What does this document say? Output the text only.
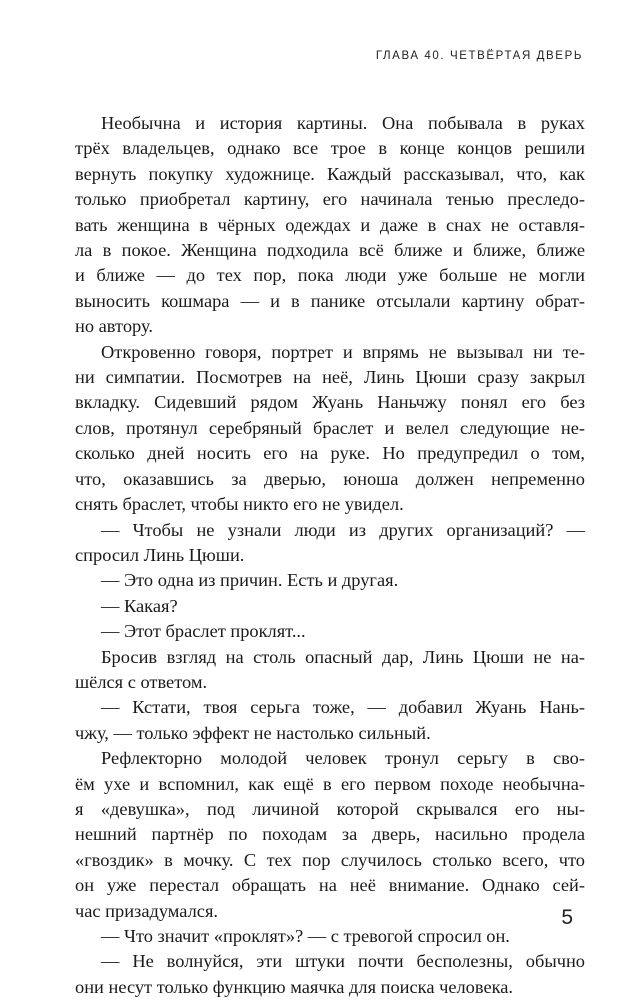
ГЛАВА 40. ЧЕТВЁРТАЯ ДВЕРЬ
Необычна и история картины. Она побывала в руках
трёх владельцев, однако все трое в конце концов решили
вернуть покупку художнице. Каждый рассказывал, что, как
только приобретал картину, его начинала тенью преследо-
вать женщина в чёрных одеждах и даже в снах не оставля-
ла в покое. Женщина подходила всё ближе и ближе, ближе
и ближе — до тех пор, пока люди уже больше не могли
выносить кошмара — и в панике отсылали картину обрат-
но автору.
Откровенно говоря, портрет и впрямь не вызывал ни те-
ни симпатии. Посмотрев на неё, Линь Цюши сразу закрыл
вкладку. Сидевший рядом Жуань Наньчжу понял его без
слов, протянул серебряный браслет и велел следующие не-
сколько дней носить его на руке. Но предупредил о том,
что, оказавшись за дверью, юноша должен непременно
снять браслет, чтобы никто его не увидел.
— Чтобы не узнали люди из других организаций? —
спросил Линь Цюши.
— Это одна из причин. Есть и другая.
— Какая?
— Этот браслет проклят...
Бросив взгляд на столь опасный дар, Линь Цюши не на-
шёлся с ответом.
— Кстати, твоя серьга тоже, — добавил Жуань Нань-
чжу, — только эффект не настолько сильный.
Рефлекторно молодой человек тронул серьгу в сво-
ём ухе и вспомнил, как ещё в его первом походе необычна-
я «девушка», под личиной которой скрывался его ны-
нешний партнёр по походам за дверь, насильно продела
«гвоздик» в мочку. С тех пор случилось столько всего, что
он уже перестал обращать на неё внимание. Однако сей-
час призадумался.
— Что значит «проклят»? — с тревогой спросил он.
— Не волнуйся, эти штуки почти бесполезны, обычно
они несут только функцию маячка для поиска человека.
5
